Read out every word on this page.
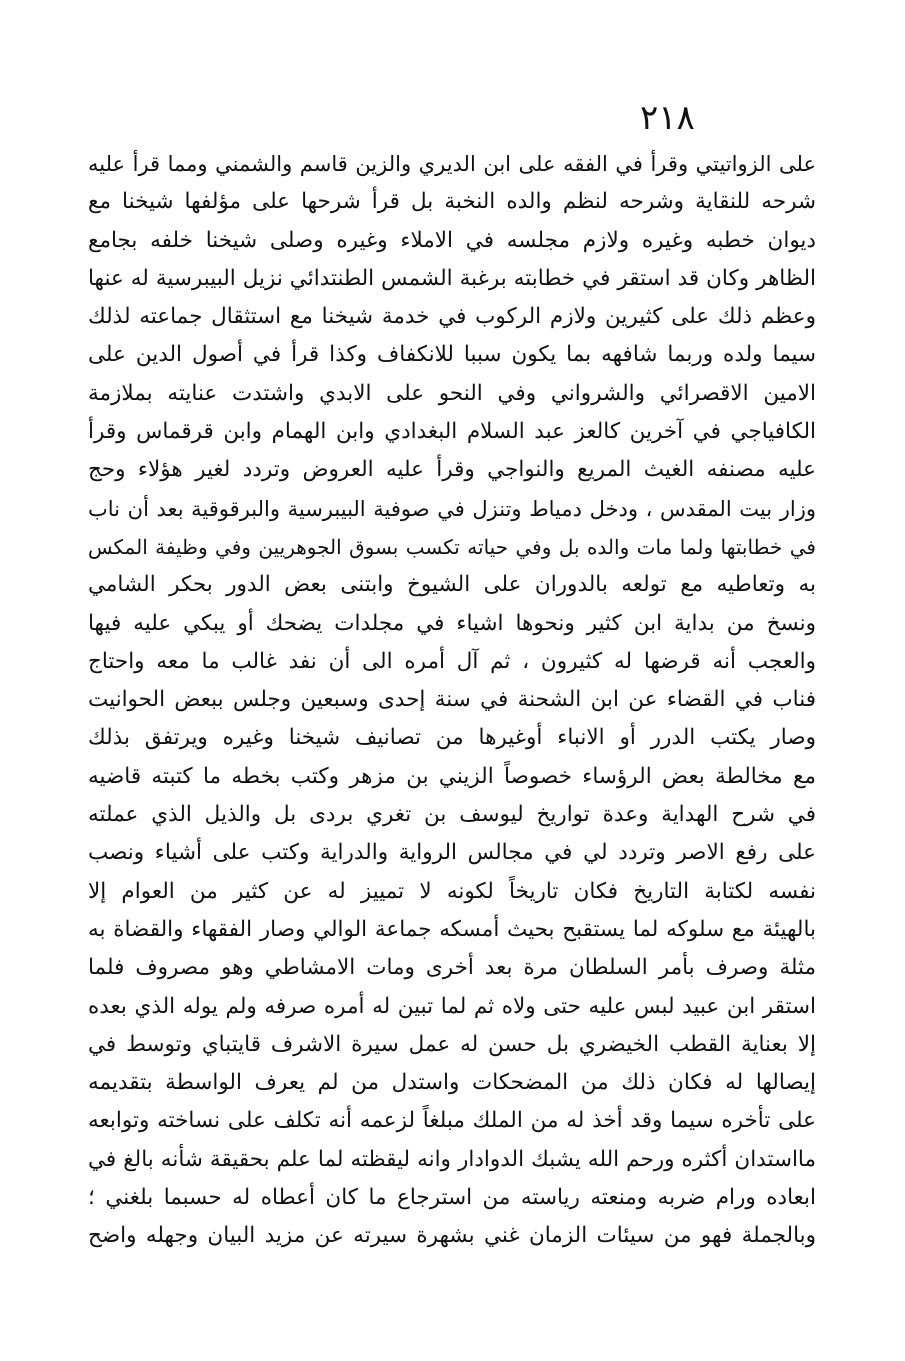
٢١٨
على الزواتيتي وقرأ في الفقه على ابن الديري والزين قاسم والشمني ومما قرأ عليه
شرحه للنقاية وشرحه لنظم والده النخبة بل قرأ شرحها على مؤلفها شيخنا مع
ديوان خطبه وغيره ولازم مجلسه في الاملاء وغيره وصلى شيخنا خلفه بجامع
الظاهر وكان قد استقر في خطابته برغبة الشمس الطنتدائي نزيل البيبرسية له عنها
وعظم ذلك على كثيرين ولازم الركوب في خدمة شيخنا مع استثقال جماعته لذلك
سيما ولده وربما شافهه بما يكون سببا للانكفاف وكذا قرأ في أصول الدين على
الامين الاقصرائي والشرواني وفي النحو على الابدي واشتدت عنايته بملازمة
الكافياجي في آخرين كالعز عبد السلام البغدادي وابن الهمام وابن قرقماس وقرأ
عليه مصنفه الغيث المريع والنواجي وقرأ عليه العروض وتردد لغير هؤلاء وحج
وزار بيت المقدس ، ودخل دمياط وتنزل في صوفية البيبرسية والبرقوقية بعد أن ناب
في خطابتها ولما مات والده بل وفي حياته تكسب بسوق الجوهريين وفي وظيفة المكس
به وتعاطيه مع تولعه بالدوران على الشيوخ وابتنى بعض الدور بحكر الشامي
ونسخ من بداية ابن كثير ونحوها اشياء في مجلدات يضحك أو يبكي عليه فيها
والعجب أنه قرضها له كثيرون ، ثم آل أمره الى أن نفد غالب ما معه واحتاج
فناب في القضاء عن ابن الشحنة في سنة إحدى وسبعين وجلس ببعض الحوانيت
وصار يكتب الدرر أو الانباء أوغيرها من تصانيف شيخنا وغيره ويرتفق بذلك
مع مخالطة بعض الرؤساء خصوصاً الزيني بن مزهر وكتب بخطه ما كتبته قاضيه
في شرح الهداية وعدة تواريخ ليوسف بن تغري بردى بل والذيل الذي عملته
على رفع الاصر وتردد لي في مجالس الرواية والدراية وكتب على أشياء ونصب
نفسه لكتابة التاريخ فكان تاريخاً لكونه لا تمييز له عن كثير من العوام إلا
بالهيئة مع سلوكه لما يستقبح بحيث أمسكه جماعة الوالي وصار الفقهاء والقضاة به
مثلة وصرف بأمر السلطان مرة بعد أخرى ومات الامشاطي وهو مصروف فلما
استقر ابن عبيد لبس عليه حتى ولاه ثم لما تبين له أمره صرفه ولم يوله الذي بعده
إلا بعناية القطب الخيضري بل حسن له عمل سيرة الاشرف قايتباي وتوسط في
إيصالها له فكان ذلك من المضحكات واستدل من لم يعرف الواسطة بتقديمه
على تأخره سيما وقد أخذ له من الملك مبلغاً لزعمه أنه تكلف على نساخته وتوابعه
مااستدان أكثره ورحم الله يشبك الدوادار وانه ليقظته لما علم بحقيقة شأنه بالغ في
ابعاده ورام ضربه ومنعته رياسته من استرجاع ما كان أعطاه له حسبما بلغني ؛
وبالجملة فهو من سيئات الزمان غني بشهرة سيرته عن مزيد البيان وجهله واضح
